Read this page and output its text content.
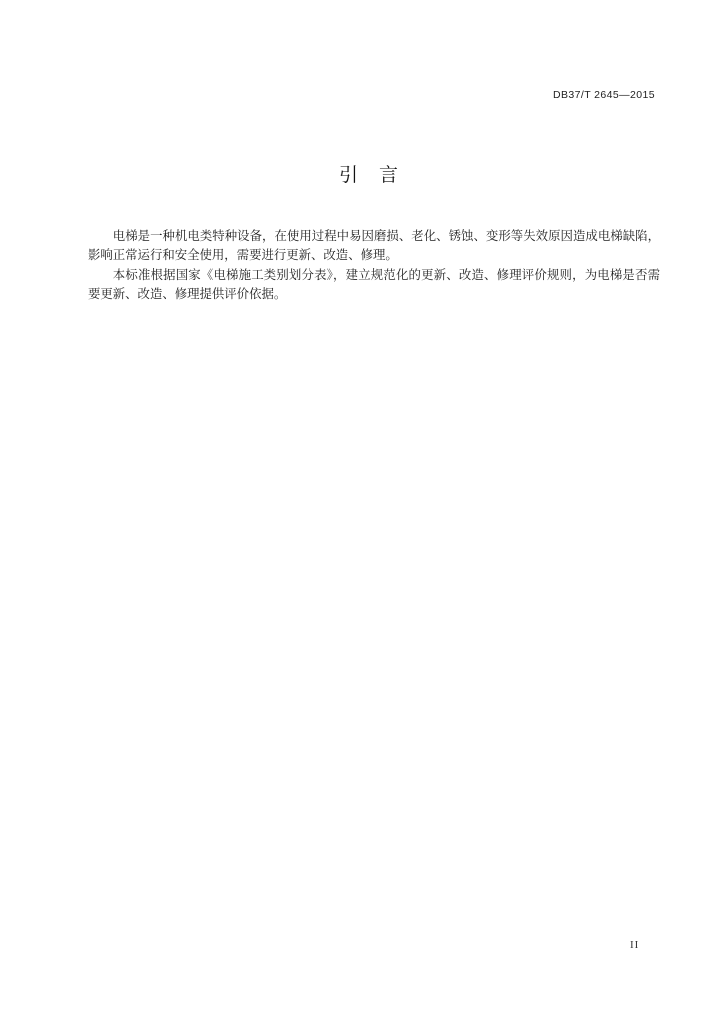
DB37/T 2645—2015
引  言

电梯是一种机电类特种设备，在使用过程中易因磨损、老化、锈蚀、变形等失效原因造成电梯缺陷，影响正常运行和安全使用，需要进行更新、改造、修理。

本标准根据国家《电梯施工类别划分表》，建立规范化的更新、改造、修理评价规则，为电梯是否需要更新、改造、修理提供评价依据。

II
